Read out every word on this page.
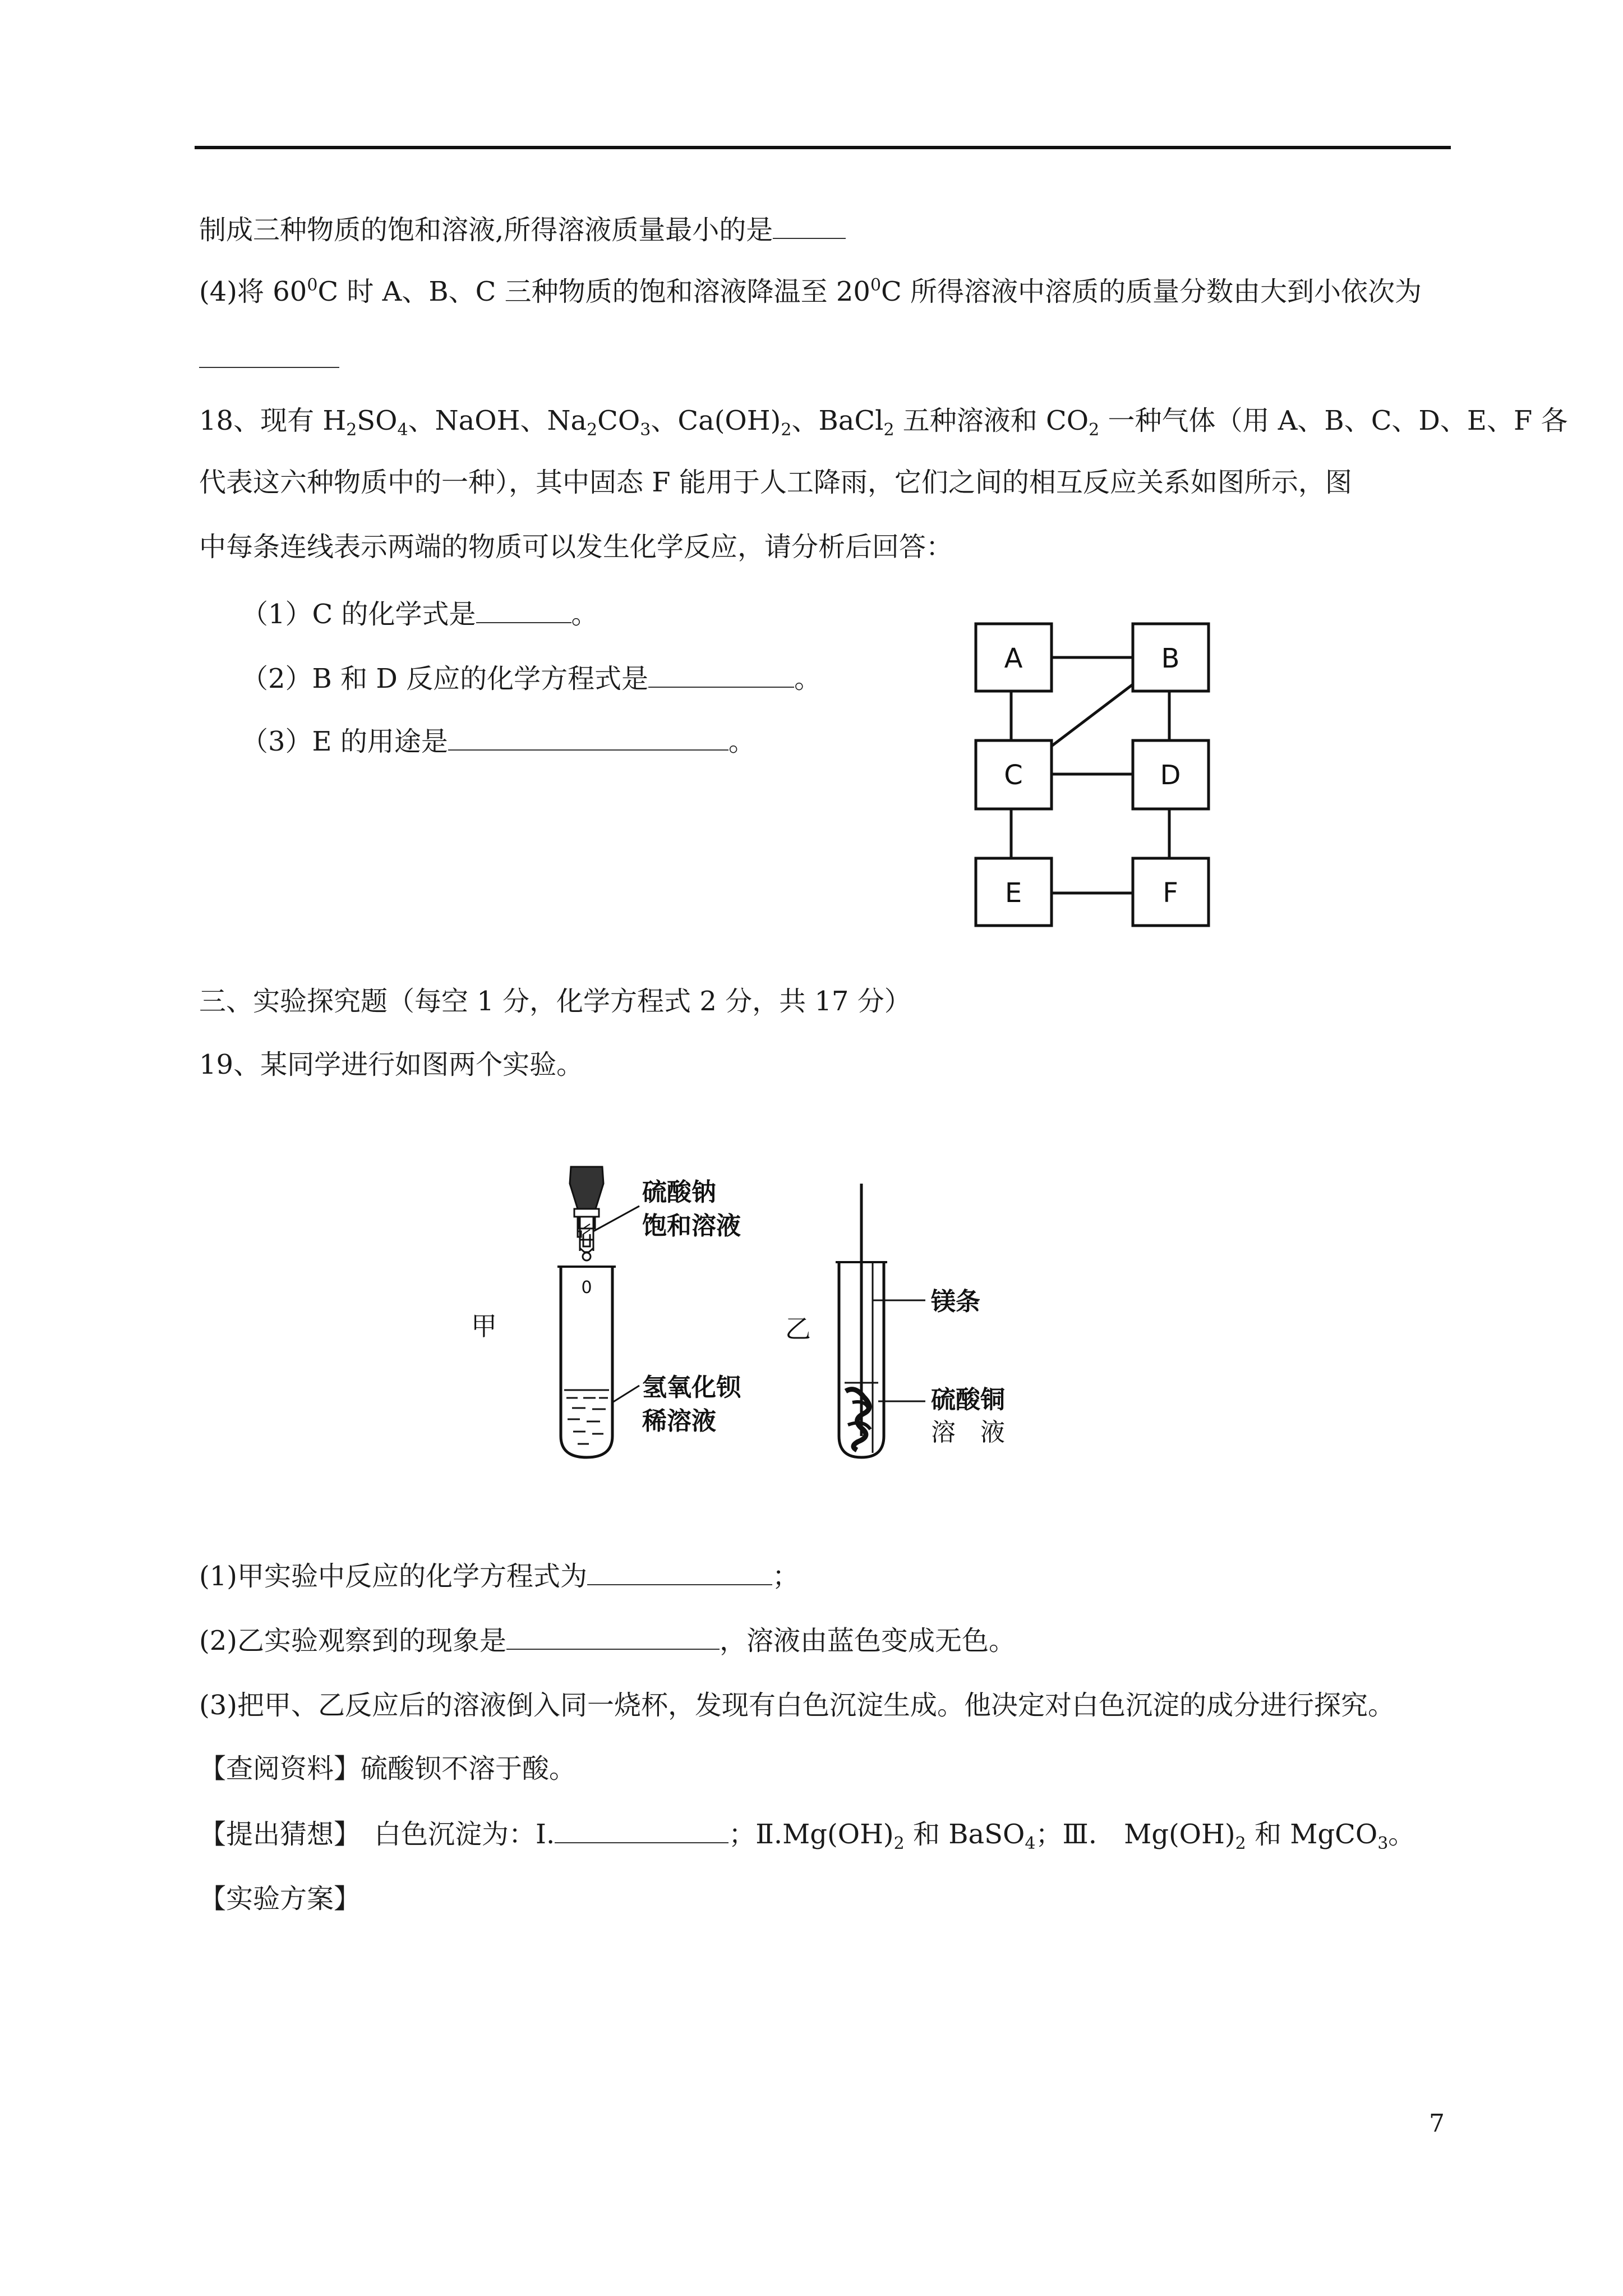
制成三种物质的饱和溶液,所得溶液质量最小的是
(4)将 $60^0C$ 时 A、B、C 三种物质的饱和溶液降温至 $20^0C$ 所得溶液中溶质的质量分数由大到小依次为
18、现有 $H_2SO_4$、NaOH、$Na_2CO_3$、$Ca(OH)_2$、BaCl$_2$ 五种溶液和 $CO_2$ 一种气体（用 A、B、C、D、E、F 各
代表这六种物质中的一种），其中固态 F 能用于人工降雨，它们之间的相互反应关系如图所示，图
中每条连线表示两端的物质可以发生化学反应，请分析后回答：
（1）C 的化学式是	。
（2）B 和 D 反应的化学方程式是	。
（3）E 的用途是	。
A	B
C	D
E	F
0
硫酸钠
饱和溶液
氢氧化钡
稀溶液
镁条
硫酸铜
溶　液
甲	乙
三、实验探究题（每空 1 分，化学方程式 2 分，共 17 分）
19、某同学进行如图两个实验。
(1)甲实验中反应的化学方程式为	；
(2)乙实验观察到的现象是	，溶液由蓝色变成无色。
(3)把甲、乙反应后的溶液倒入同一烧杯，发现有白色沉淀生成。他决定对白色沉淀的成分进行探究。
【查阅资料】硫酸钡不溶于酸。
【提出猜想】　白色沉淀为：Ⅰ.	；$Ⅱ.Mg(OH)_2$ 和 BaSO$_4$；Ⅲ.　$Mg(OH)_2$ 和 MgCO$_3$。
【实验方案】
7
